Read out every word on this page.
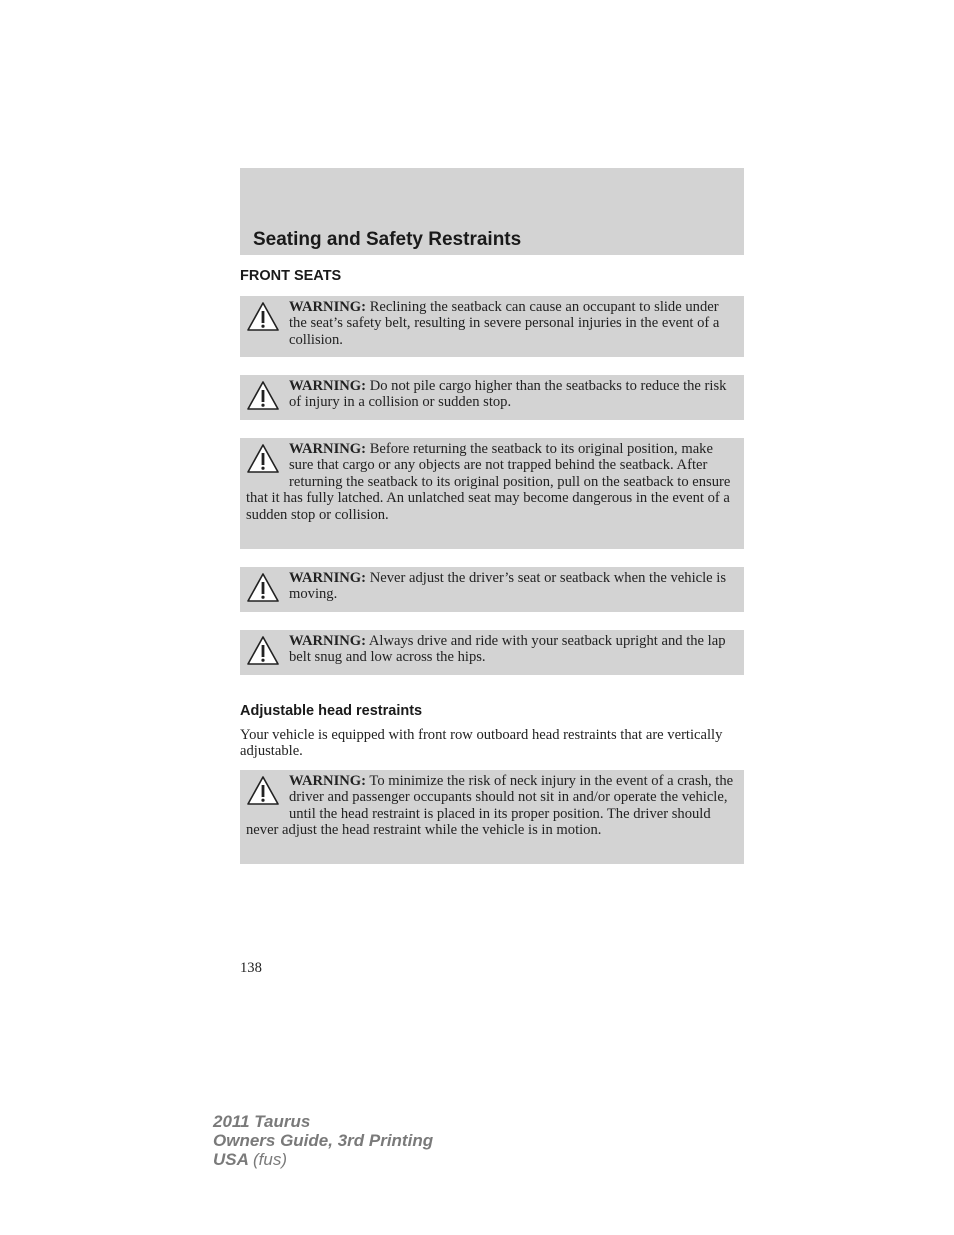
Seating and Safety Restraints
FRONT SEATS
WARNING: Reclining the seatback can cause an occupant to slide under the seat’s safety belt, resulting in severe personal injuries in the event of a collision.
WARNING: Do not pile cargo higher than the seatbacks to reduce the risk of injury in a collision or sudden stop.
WARNING: Before returning the seatback to its original position, make sure that cargo or any objects are not trapped behind the seatback. After returning the seatback to its original position, pull on the seatback to ensure that it has fully latched. An unlatched seat may become dangerous in the event of a sudden stop or collision.
WARNING: Never adjust the driver’s seat or seatback when the vehicle is moving.
WARNING: Always drive and ride with your seatback upright and the lap belt snug and low across the hips.
Adjustable head restraints

Your vehicle is equipped with front row outboard head restraints that are vertically adjustable.

WARNING: To minimize the risk of neck injury in the event of a crash, the driver and passenger occupants should not sit in and/or operate the vehicle, until the head restraint is placed in its proper position. The driver should never adjust the head restraint while the vehicle is in motion.

138

2011 Taurus
Owners Guide, 3rd Printing
USA (fus)
